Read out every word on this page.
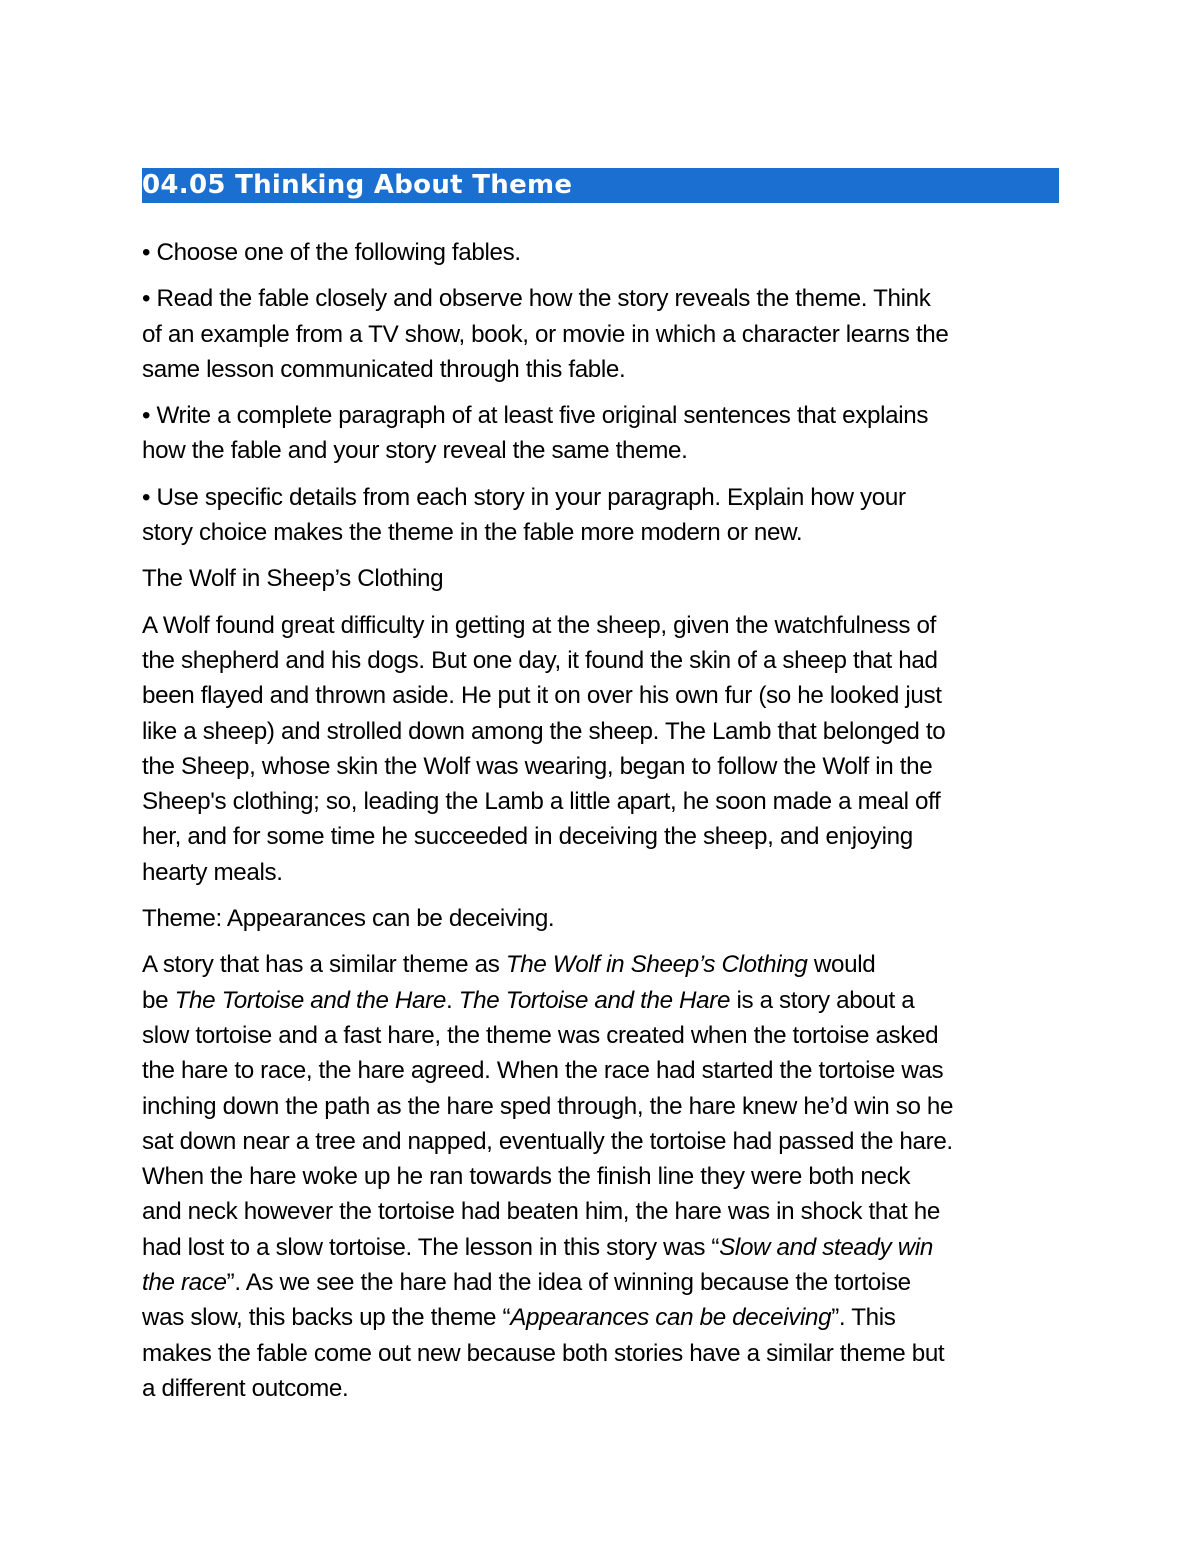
04.05 Thinking About Theme
• Choose one of the following fables.
• Read the fable closely and observe how the story reveals the theme. Think
of an example from a TV show, book, or movie in which a character learns the
same lesson communicated through this fable.
• Write a complete paragraph of at least five original sentences that explains
how the fable and your story reveal the same theme.
• Use specific details from each story in your paragraph. Explain how your
story choice makes the theme in the fable more modern or new.
The Wolf in Sheep’s Clothing
A Wolf found great difficulty in getting at the sheep, given the watchfulness of
the shepherd and his dogs. But one day, it found the skin of a sheep that had
been flayed and thrown aside. He put it on over his own fur (so he looked just
like a sheep) and strolled down among the sheep. The Lamb that belonged to
the Sheep, whose skin the Wolf was wearing, began to follow the Wolf in the
Sheep's clothing; so, leading the Lamb a little apart, he soon made a meal off
her, and for some time he succeeded in deceiving the sheep, and enjoying
hearty meals.
Theme: Appearances can be deceiving.
A story that has a similar theme as The Wolf in Sheep’s Clothing would
be The Tortoise and the Hare. The Tortoise and the Hare is a story about a
slow tortoise and a fast hare, the theme was created when the tortoise asked
the hare to race, the hare agreed. When the race had started the tortoise was
inching down the path as the hare sped through, the hare knew he’d win so he
sat down near a tree and napped, eventually the tortoise had passed the hare.
When the hare woke up he ran towards the finish line they were both neck
and neck however the tortoise had beaten him, the hare was in shock that he
had lost to a slow tortoise. The lesson in this story was “Slow and steady win
the race”. As we see the hare had the idea of winning because the tortoise
was slow, this backs up the theme “Appearances can be deceiving”. This
makes the fable come out new because both stories have a similar theme but
a different outcome.
